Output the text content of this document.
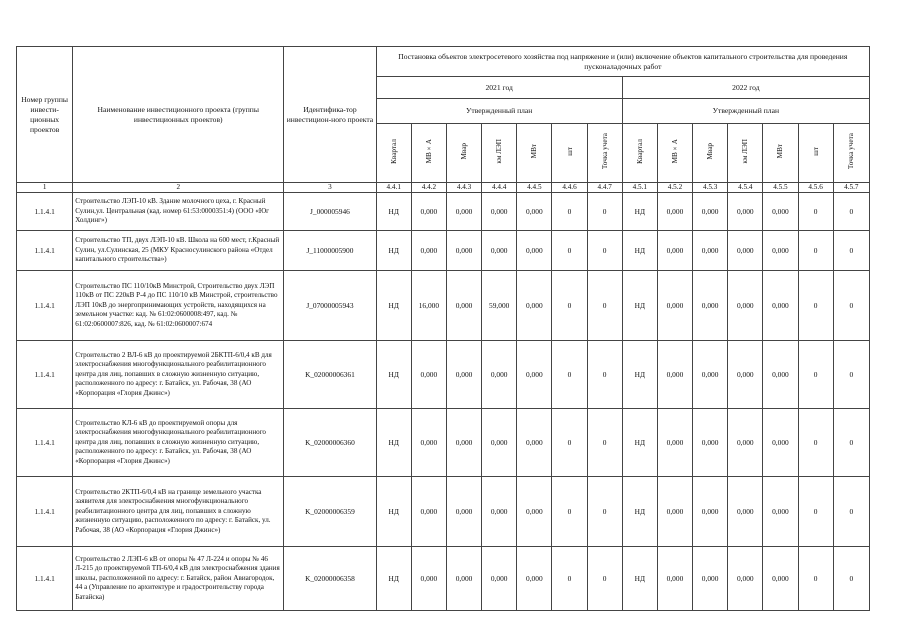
Номер группы инвести-ционных проектов	Наименование инвестиционного проекта (группы инвестиционных проектов)	Идентифика-тор инвестицион-ного проекта	Постановка объектов электросетевого хозяйства под напряжение и (или) включение объектов капитального строительства для проведения пусконаладочных работ													
			2021 год							2022 год						
			Утвержденный план							Утвержденный план						
			Квартал	МВ×А	Мвар	км ЛЭП	МВт	шт	Точка учета	Квартал	МВ×А	Мвар	км ЛЭП	МВт	шт	Точка учета
1	2	3	4.4.1	4.4.2	4.4.3	4.4.4	4.4.5	4.4.6	4.4.7	4.5.1	4.5.2	4.5.3	4.5.4	4.5.5	4.5.6	4.5.7
1.1.4.1	Строительство ЛЭП-10 кВ. Здание молочного цеха, г. Красный Сулин,ул. Центральная (кад. номер 61:53:0000351:4) (ООО «Юг Холдинг»)	J_000005946	НД	0,000	0,000	0,000	0,000	0	0	НД	0,000	0,000	0,000	0,000	0	0
1.1.4.1	Строительство ТП, двух ЛЭП-10 кВ. Школа на 600 мест, г.Красный Сулин, ул.Сулинская, 25 (МКУ Красносулинского района «Отдел капитального строительства»)	J_11000005900	НД	0,000	0,000	0,000	0,000	0	0	НД	0,000	0,000	0,000	0,000	0	0
1.1.4.1	Строительство ПС 110/10кВ Минстрой, Строительство двух ЛЭП 110кВ от ПС 220кВ Р-4 до ПС 110/10 кВ Минстрой, строительство ЛЭП 10кВ до энергопринимающих устройств, находящихся на земельном участке: кад. № 61:02:0600008:497, кад. № 61:02:0600007:826, кад. № 61:02:0600007:674	J_07000005943	НД	16,000	0,000	59,000	0,000	0	0	НД	0,000	0,000	0,000	0,000	0	0
1.1.4.1	Строительство 2 ВЛ-6 кВ до проектируемой 2БКТП-6/0,4 кВ для электроснабжения многофункционального реабилитационного центра для лиц, попавших в сложную жизненную ситуацию, расположенного по адресу: г. Батайск, ул. Рабочая, 38 (АО «Корпорация «Глория Джинс»)	K_02000006361	НД	0,000	0,000	0,000	0,000	0	0	НД	0,000	0,000	0,000	0,000	0	0
1.1.4.1	Строительство КЛ-6 кВ до проектируемой опоры для электроснабжения многофункционального реабилитационного центра для лиц, попавших в сложную жизненную ситуацию, расположенного по адресу: г. Батайск, ул. Рабочая, 38 (АО «Корпорация «Глория Джинс»)	K_02000006360	НД	0,000	0,000	0,000	0,000	0	0	НД	0,000	0,000	0,000	0,000	0	0
1.1.4.1	Строительство 2КТП-6/0,4 кВ на границе земельного участка заявителя для электроснабжения многофункционального реабилитационного центра для лиц, попавших в сложную жизненную ситуацию, расположенного по адресу: г. Батайск, ул. Рабочая, 38 (АО «Корпорация «Глория Джинс»)	K_02000006359	НД	0,000	0,000	0,000	0,000	0	0	НД	0,000	0,000	0,000	0,000	0	0
1.1.4.1	Строительство 2 ЛЭП-6 кВ от опоры № 47 Л-224 и опоры № 46 Л-215 до проектируемой ТП-6/0,4 кВ для электроснабжения здания школы, расположенной по адресу: г. Батайск, район Авиагородок, 44 а (Управление по архитектуре и градостроительству города Батайска)	K_02000006358	НД	0,000	0,000	0,000	0,000	0	0	НД	0,000	0,000	0,000	0,000	0	0
